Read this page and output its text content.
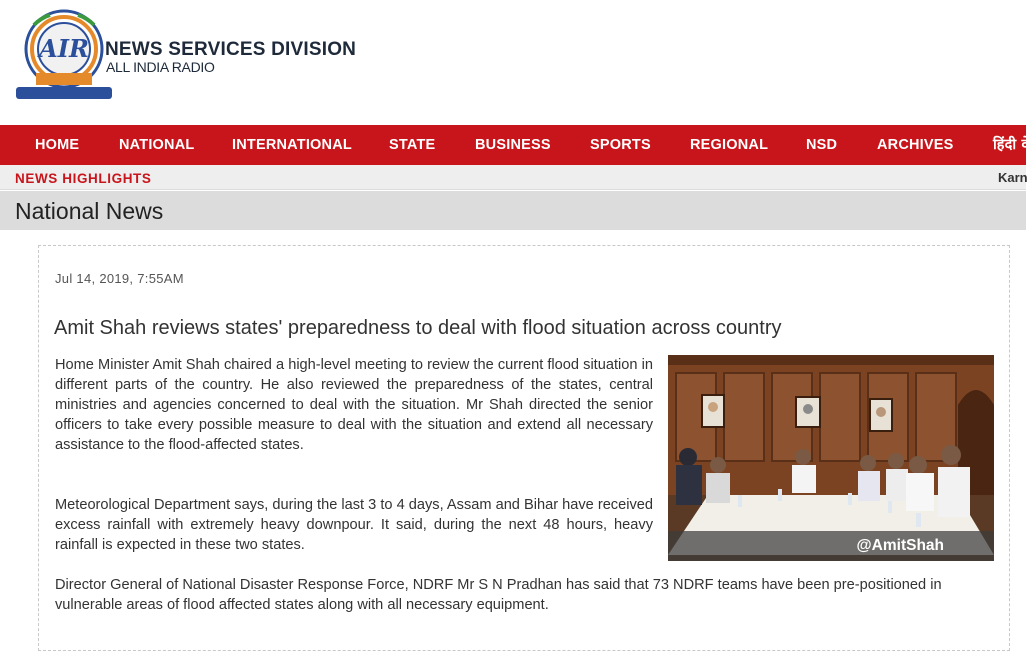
AIR NEWS SERVICES DIVISION
ALL INDIA RADIO
HOME	NATIONAL	INTERNATIONAL	STATE	BUSINESS	SPORTS	REGIONAL	NSD	ARCHIVES	हिंदी वे
NEWS HIGHLIGHTS	Karn
National News
Jul 14, 2019, 7:55AM
Amit Shah reviews states' preparedness to deal with flood situation across country
Home Minister Amit Shah chaired a high-level meeting to review the current flood situation in different parts of the country. He also reviewed the preparedness of the states, central ministries and agencies concerned to deal with the situation. Mr Shah directed the senior officers to take every possible measure to deal with the situation and extend all necessary assistance to the flood-affected states.
Meteorological Department says, during the last 3 to 4 days, Assam and Bihar have received excess rainfall with extremely heavy downpour. It said, during the next 48 hours, heavy rainfall is expected in these two states.
Director General of National Disaster Response Force, NDRF Mr S N Pradhan has said that 73 NDRF teams have been pre-positioned in vulnerable areas of flood affected states along with all necessary equipment.
@AmitShah
